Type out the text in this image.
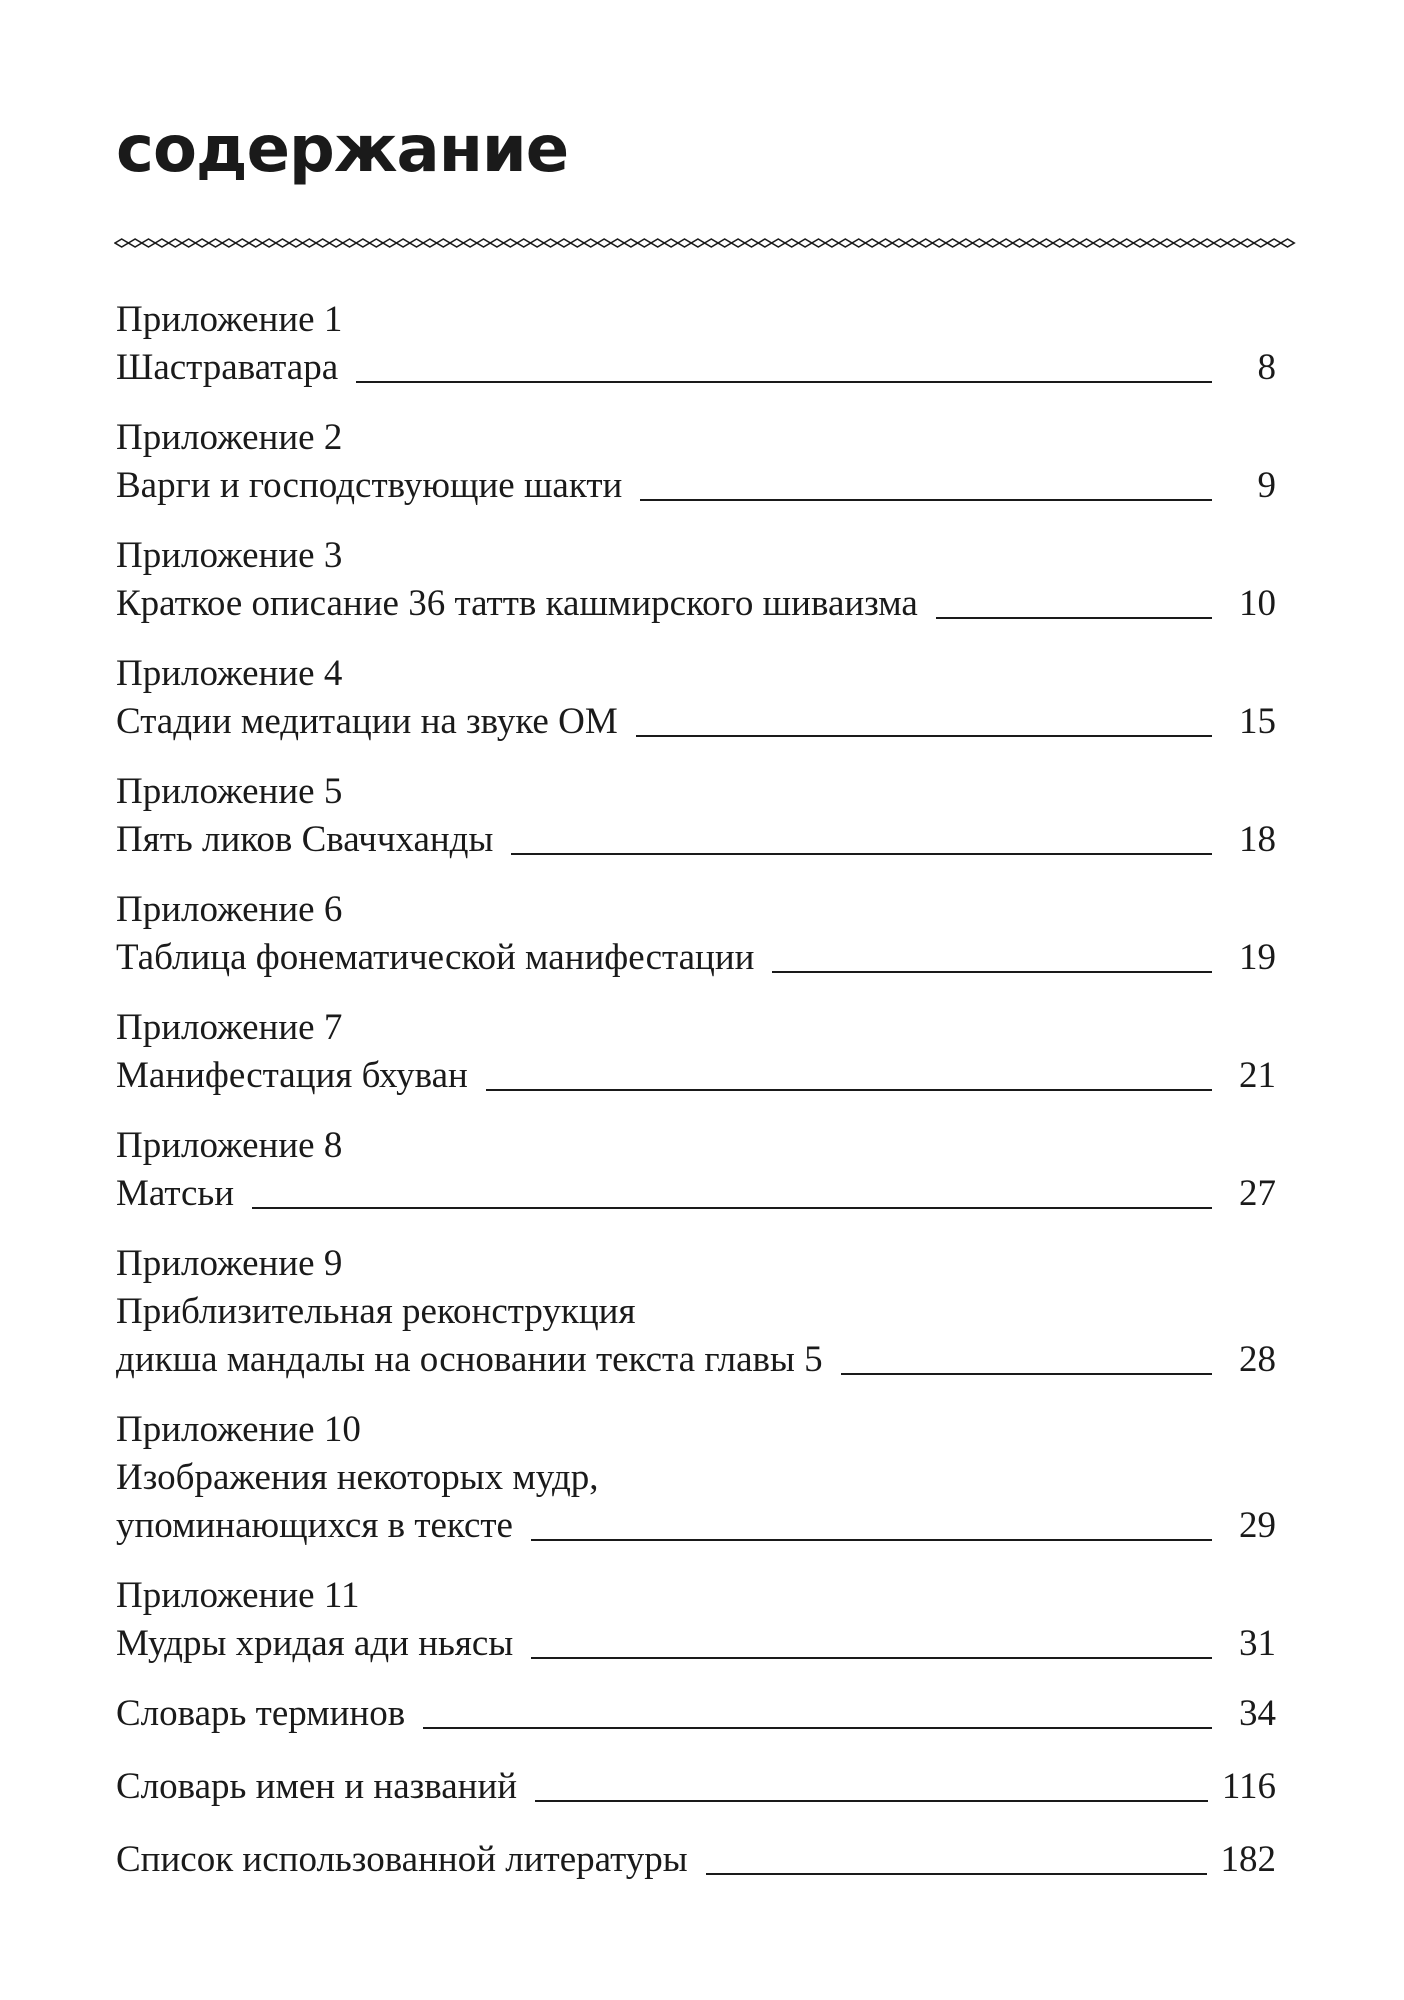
содержание
Приложение 1
Шастраватара	8
Приложение 2
Варги и господствующие шакти	9
Приложение 3
Краткое описание 36 таттв кашмирского шиваизма	10
Приложение 4
Стадии медитации на звуке ОМ	15
Приложение 5
Пять ликов Сваччханды	18
Приложение 6
Таблица фонематической манифестации	19
Приложение 7
Манифестация бхуван	21
Приложение 8
Матсьи	27
Приложение 9
Приблизительная реконструкция
дикша мандалы на основании текста главы 5	28
Приложение 10
Изображения некоторых мудр,
упоминающихся в тексте	29
Приложение 11
Мудры хридая ади ньясы	31
Словарь терминов	34
Словарь имен и названий	116
Список использованной литературы	182
